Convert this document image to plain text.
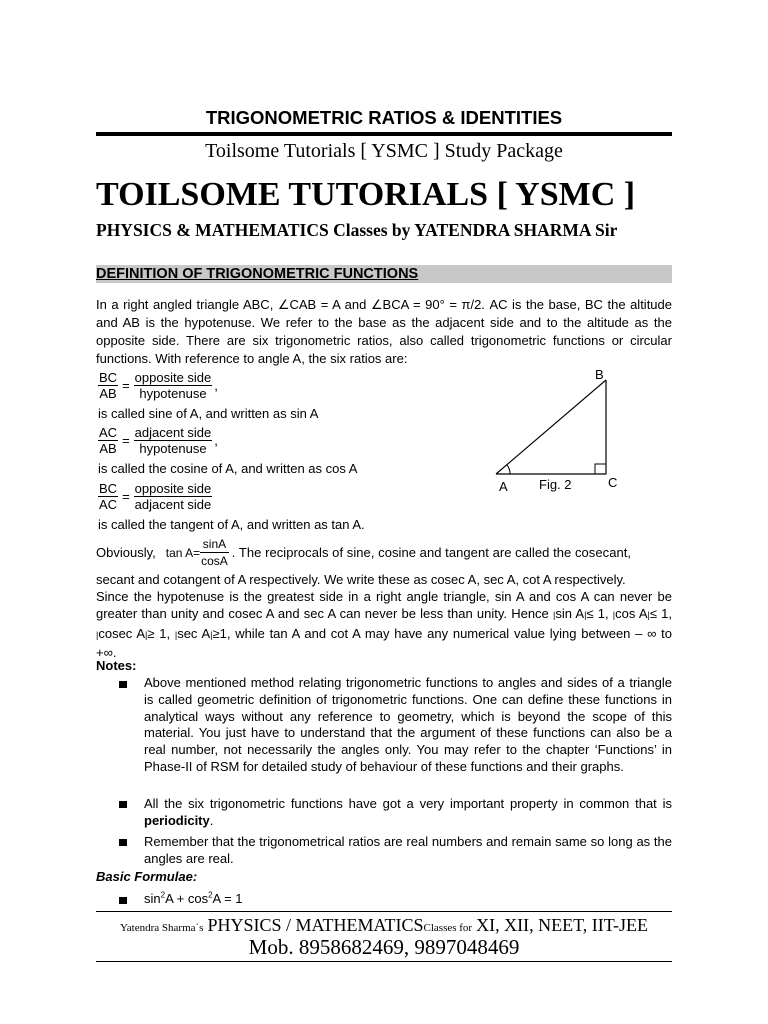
TRIGONOMETRIC RATIOS & IDENTITIES
Toilsome Tutorials [ YSMC ] Study Package
TOILSOME TUTORIALS [ YSMC ]
PHYSICS & MATHEMATICS Classes by YATENDRA SHARMA Sir
DEFINITION OF TRIGONOMETRIC FUNCTIONS
In a right angled triangle ABC, ∠CAB = A and ∠BCA = 90° = π/2. AC is the base, BC the altitude and AB is the hypotenuse. We refer to the base as the adjacent side and to the altitude as the opposite side. There are six trigonometric ratios, also called trigonometric functions or circular functions. With reference to angle A, the six ratios are:
$\frac{BC}{AB} = \frac{\text{opposite side}}{\text{hypotenuse}}$ ,
is called sine of A, and written as sin A
$\frac{AC}{AB} = \frac{\text{adjacent side}}{\text{hypotenuse}}$ ,
is called the cosine of A, and written as cos A
$\frac{BC}{AC} = \frac{\text{opposite side}}{\text{adjacent side}}$
is called the tangent of A, and written as tan A.
A
B
C
Fig. 2
Obviously, $\tan A= \frac{\sin A}{\cos A}$ . The reciprocals of sine, cosine and tangent are called the cosecant,
secant and cotangent of A respectively. We write these as cosec A, sec A, cot A respectively.
Since the hypotenuse is the greatest side in a right angle triangle, sin A and cos A can never be greater than unity and cosec A and sec A can never be less than unity. Hence |sin A|≤ 1, |cos A|≤ 1, |cosec A|≥ 1, |sec A|≥1, while tan A and cot A may have any numerical value lying between – ∞ to +∞.
Notes:
Above mentioned method relating trigonometric functions to angles and sides of a triangle is called geometric definition of trigonometric functions. One can define these functions in analytical ways without any reference to geometry, which is beyond the scope of this material. You just have to understand that the argument of these functions can also be a real number, not necessarily the angles only. You may refer to the chapter ‘Functions’ in Phase-II of RSM for detailed study of behaviour of these functions and their graphs.
All the six trigonometric functions have got a very important property in common that is periodicity.
Remember that the trigonometrical ratios are real numbers and remain same so long as the angles are real.
Basic Formulae:
$\sin^2A + \cos^2A = 1$
Yatendra Sharma`s PHYSICS / MATHEMATICSClasses for XI, XII, NEET, IIT-JEE
Mob. 8958682469, 9897048469
